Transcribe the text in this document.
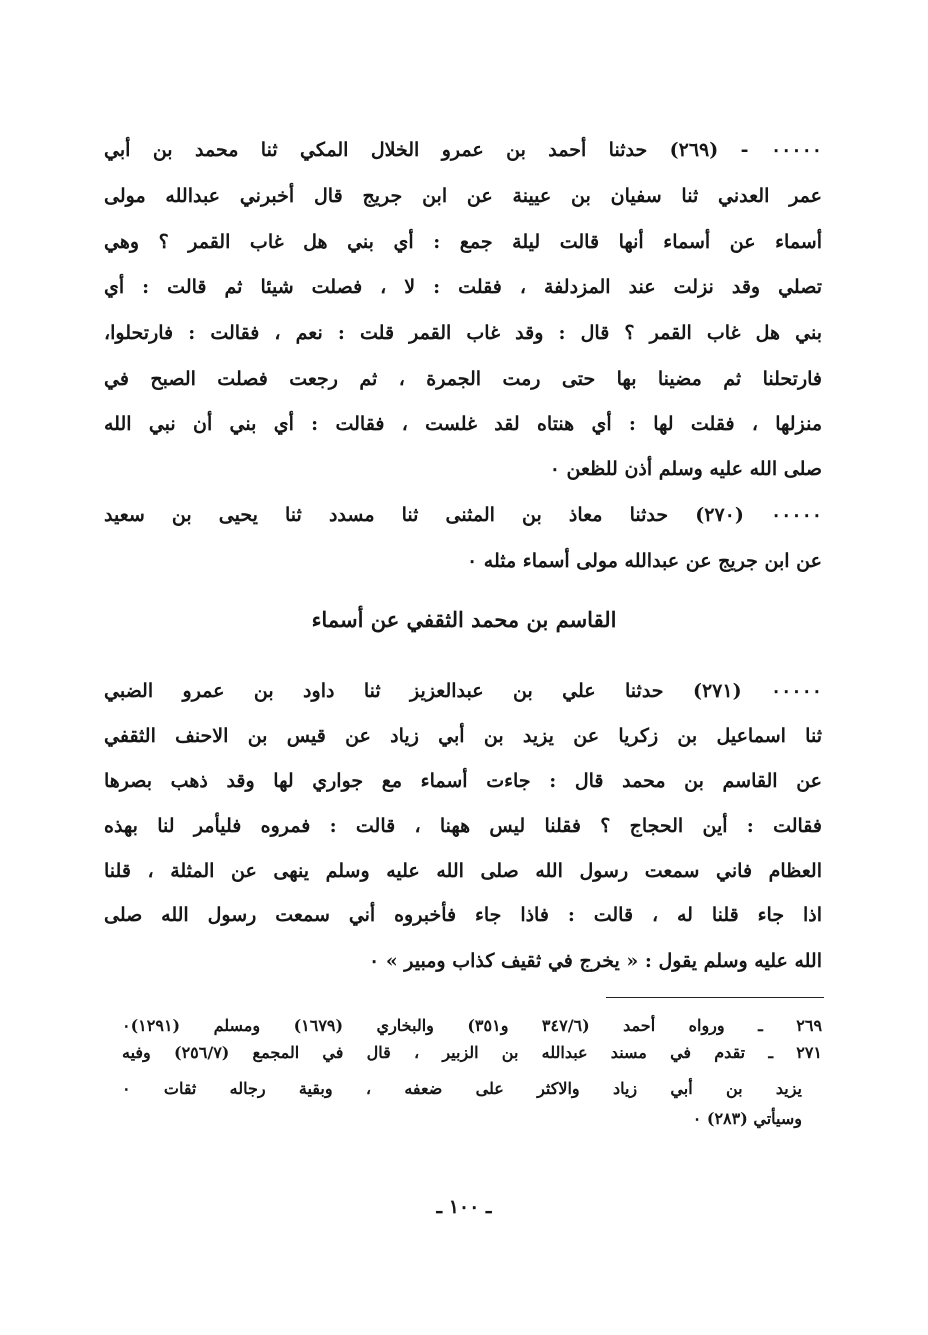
٠٠٠٠٠ - (٢٦٩) حدثنا أحمد بن عمرو الخلال المكي ثنا محمد بن أبي
عمر العدني ثنا سفيان بن عيينة عن ابن جريج قال أخبرني عبدالله مولى
أسماء عن أسماء أنها قالت ليلة جمع : أي بني هل غاب القمر ؟ وهي
تصلي وقد نزلت عند المزدلفة ، فقلت : لا ، فصلت شيئا ثم قالت : أي
بني هل غاب القمر ؟ قال : وقد غاب القمر قلت : نعم ، فقالت : فارتحلوا،
فارتحلنا ثم مضينا بها حتى رمت الجمرة ، ثم رجعت فصلت الصبح في
منزلها ، فقلت لها : أي هنتاه لقد غلست ، فقالت : أي بني أن نبي الله
صلى الله عليه وسلم أذن للظعن ٠
٠٠٠٠٠ (٢٧٠) حدثنا معاذ بن المثنى ثنا مسدد ثنا يحيى بن سعيد
عن ابن جريج عن عبدالله مولى أسماء مثله ٠
القاسم بن محمد الثقفي عن أسماء
٠٠٠٠٠ (٢٧١) حدثنا علي بن عبدالعزيز ثنا داود بن عمرو الضبي
ثنا اسماعيل بن زكريا عن يزيد بن أبي زياد عن قيس بن الاحنف الثقفي
عن القاسم بن محمد قال : جاءت أسماء مع جواري لها وقد ذهب بصرها
فقالت : أين الحجاج ؟ فقلنا ليس ههنا ، قالت : فمروه فليأمر لنا بهذه
العظام فاني سمعت رسول الله صلى الله عليه وسلم ينهى عن المثلة ، قلنا
اذا جاء قلنا له ، قالت : فاذا جاء فأخبروه أني سمعت رسول الله صلى
الله عليه وسلم يقول : « يخرج في ثقيف كذاب ومبير » ٠
٢٦٩ ـ ورواه أحمد (٣٤٧/٦ و٣٥١) والبخاري (١٦٧٩) ومسلم (١٢٩١)٠
٢٧١ ـ تقدم في مسند عبدالله بن الزبير ، قال في المجمع (٢٥٦/٧) وفيه
يزيد بن أبي زياد والاكثر على ضعفه ، وبقية رجاله ثقات ٠
وسيأتي (٢٨٣) ٠
ـ ١٠٠ ـ
